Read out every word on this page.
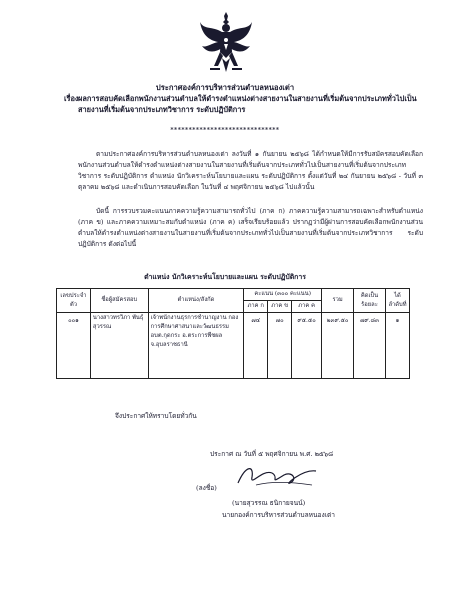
ประกาศองค์การบริหารส่วนตำบลหนองเต่า
เรื่อง ผลการสอบคัดเลือกพนักงานส่วนตำบลให้ดำรงตำแหน่งต่างสายงานในสายงานที่เริ่มต้นจากประเภททั่วไปเป็นสายงานที่เริ่มต้นจากประเภทวิชาการ ระดับปฏิบัติการ
******************************
ตามประกาศองค์การบริหารส่วนตำบลหนองเต่า ลงวันที่ ๑ กันยายน ๒๕๖๘ ได้กำหนดให้มีการรับสมัครสอบคัดเลือกพนักงานส่วนตำบลให้ดำรงตำแหน่งต่างสายงานในสายงานที่เริ่มต้นจากประเภททั่วไปเป็นสายงานที่เริ่มต้นจากประเภทวิชาการ ระดับปฏิบัติการ ตำแหน่ง นักวิเคราะห์นโยบายและแผน ระดับปฏิบัติการ ตั้งแต่วันที่ ๒๔ กันยายน ๒๕๖๘ - วันที่ ๓ ตุลาคม ๒๕๖๘ และดำเนินการสอบคัดเลือก ในวันที่ ๔ พฤศจิกายน ๒๕๖๘ ไปแล้วนั้น
บัดนี้ การรวบรวมคะแนนภาคความรู้ความสามารถทั่วไป (ภาค ก) ภาคความรู้ความสามารถเฉพาะสำหรับตำแหน่ง (ภาค ข) และภาคความเหมาะสมกับตำแหน่ง (ภาค ค) เสร็จเรียบร้อยแล้ว ปรากฏว่ามีผู้ผ่านการสอบคัดเลือกพนักงานส่วนตำบลให้ดำรงตำแหน่งต่างสายงานในสายงานที่เริ่มต้นจากประเภททั่วไปเป็นสายงานที่เริ่มต้นจากประเภทวิชาการ ระดับปฏิบัติการ ดังต่อไปนี้
ตำแหน่ง นักวิเคราะห์นโยบายและแผน ระดับปฏิบัติการ
เลขประจำตัว	ชื่อผู้สมัครสอบ	ตำแหน่ง/สังกัด	คะแนน (๓๐๐ คะแนน)			รวม	คิดเป็นร้อยละ	ได้ลำดับที่
			ภาค ก	ภาค ข	ภาค ค			
๐๐๑	นางสาวทรวิภา พันธุ์สุวรรณ	เจ้าพนักงานธุรการชำนาญงาน กองการศึกษาศาสนาและวัฒนธรรม อบต.กุดกระ อ.ตระการพืชผล จ.อุบลราชธานี	๗๔	๗๐	๙๕.๕๐	๒๓๙.๕๐	๗๙.๘๓	๑
จึงประกาศให้ทราบโดยทั่วกัน
ประกาศ ณ วันที่ ๕ พฤศจิกายน พ.ศ. ๒๕๖๘
(ลงชื่อ)
(นายสุวรรณ ธนิกายจนน์)
นายกองค์การบริหารส่วนตำบลหนองเต่า
